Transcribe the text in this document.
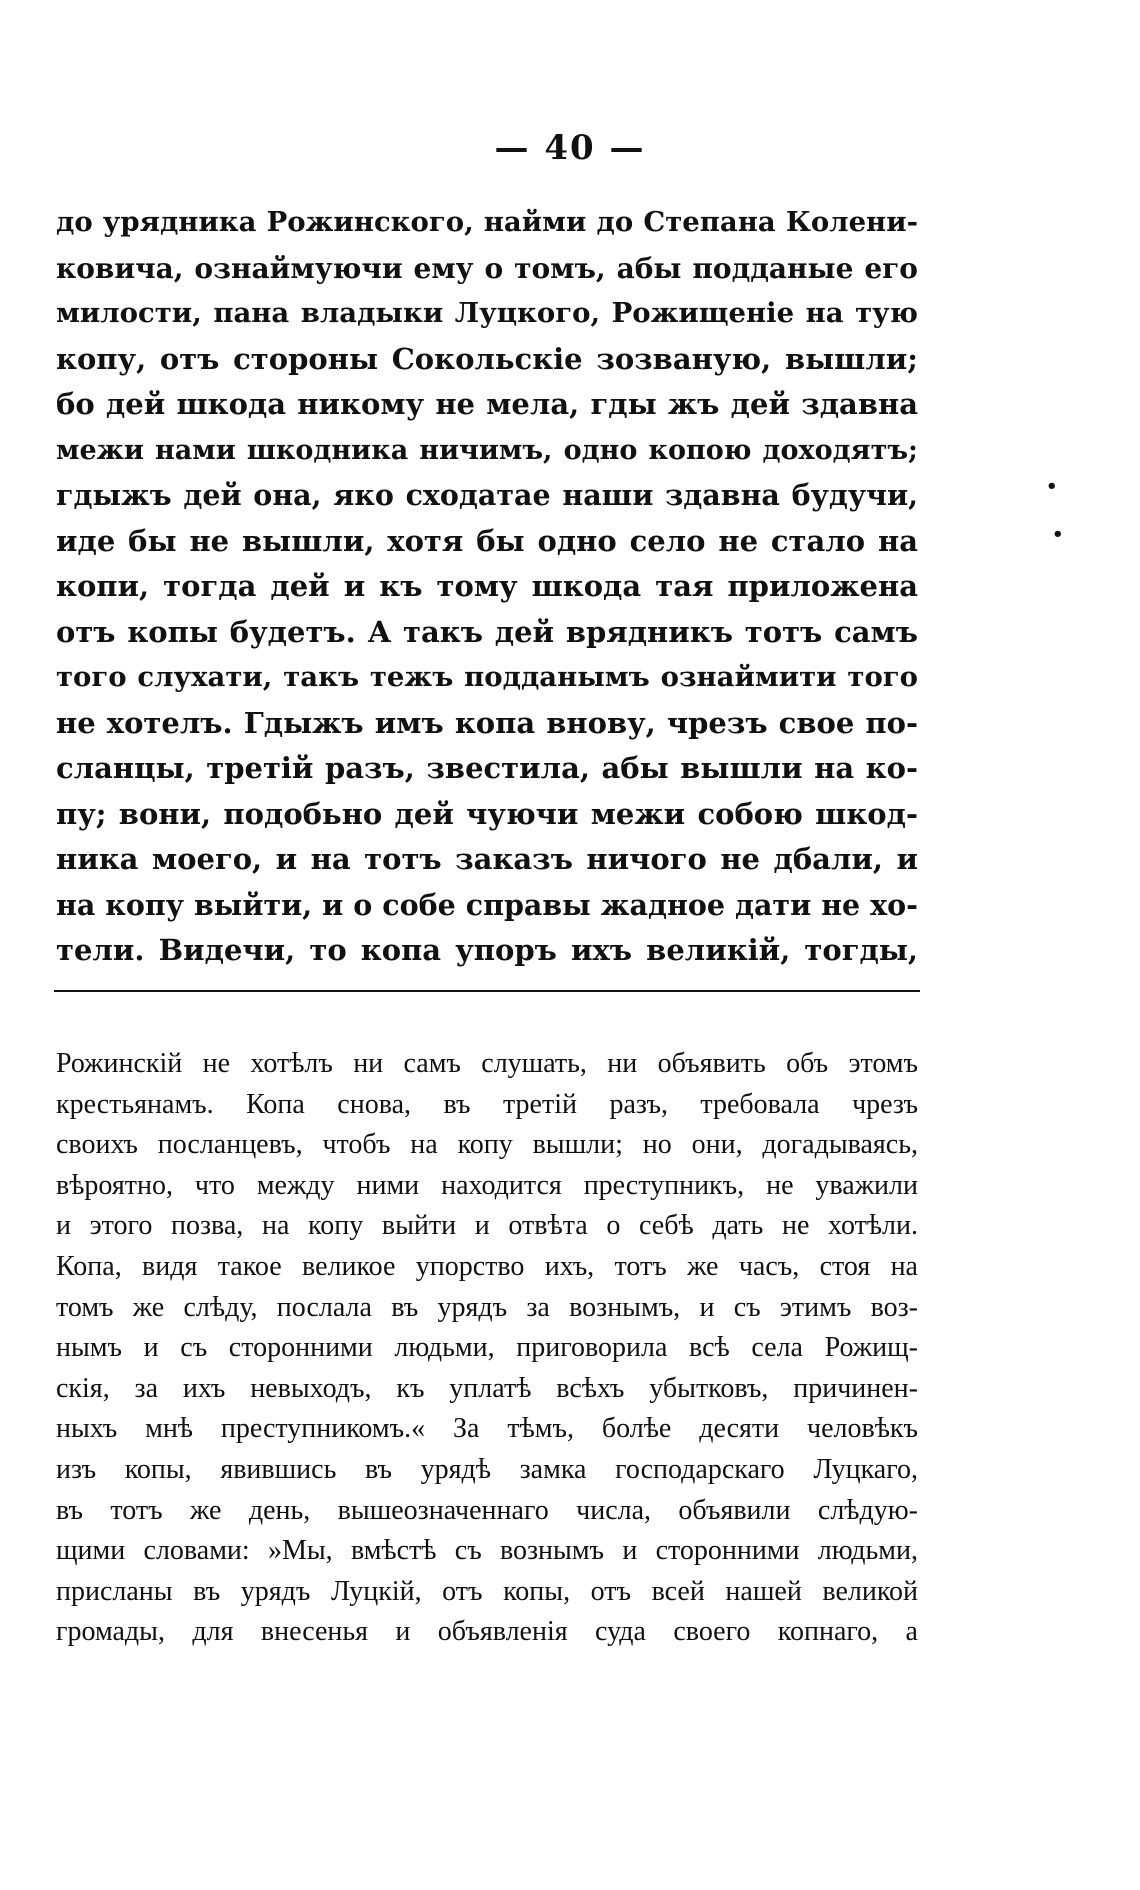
— 40 —
до урядника Рожинского, найми до Степана Колени-
ковича, ознаймуючи ему о томъ, абы подданые его
милости, пана владыки Луцкого, Рожищеніе на тую
копу, отъ стороны Сокольскіе зозваную, вышли;
бо дей шкода никому не мела, гды жъ дей здавна
межи нами шкодника ничимъ, одно копою доходятъ;
гдыжъ дей она, яко сходатае наши здавна будучи,
иде бы не вышли, хотя бы одно село не стало на
копи, тогда дей и къ тому шкода тая приложена
отъ копы будетъ. А такъ дей врядникъ тотъ самъ
того слухати, такъ тежъ подданымъ ознаймити того
не хотелъ. Гдыжъ имъ копа внову, чрезъ свое по-
сланцы, третій разъ, звестила, абы вышли на ко-
пу; вони, подобьно дей чуючи межи собою шкод-
ника моего, и на тотъ заказъ ничого не дбали, и
на копу выйти, и о собе справы жадное дати не хо-
тели. Видечи, то копа упоръ ихъ великій, тогды,
Рожинскій не хотѣлъ ни самъ слушать, ни объявить объ этомъ
крестьянамъ. Копа снова, въ третій разъ, требовала чрезъ
своихъ посланцевъ, чтобъ на копу вышли; но они, догадываясь,
вѣроятно, что между ними находится преступникъ, не уважили
и этого позва, на копу выйти и отвѣта о себѣ дать не хотѣли.
Копа, видя такое великое упорство ихъ, тотъ же часъ, стоя на
томъ же слѣду, послала въ урядъ за вознымъ, и съ этимъ воз-
нымъ и съ сторонними людьми, приговорила всѣ села Рожищ-
скія, за ихъ невыходъ, къ уплатѣ всѣхъ убытковъ, причинен-
ныхъ мнѣ преступникомъ.« За тѣмъ, болѣе десяти человѣкъ
изъ копы, явившись въ урядѣ замка господарскаго Луцкаго,
въ тотъ же день, вышеозначеннаго числа, объявили слѣдую-
щими словами: »Мы, вмѣстѣ съ вознымъ и сторонними людьми,
присланы въ урядъ Луцкій, отъ копы, отъ всей нашей великой
громады, для внесенья и объявленія суда своего копнаго, а
•
•
